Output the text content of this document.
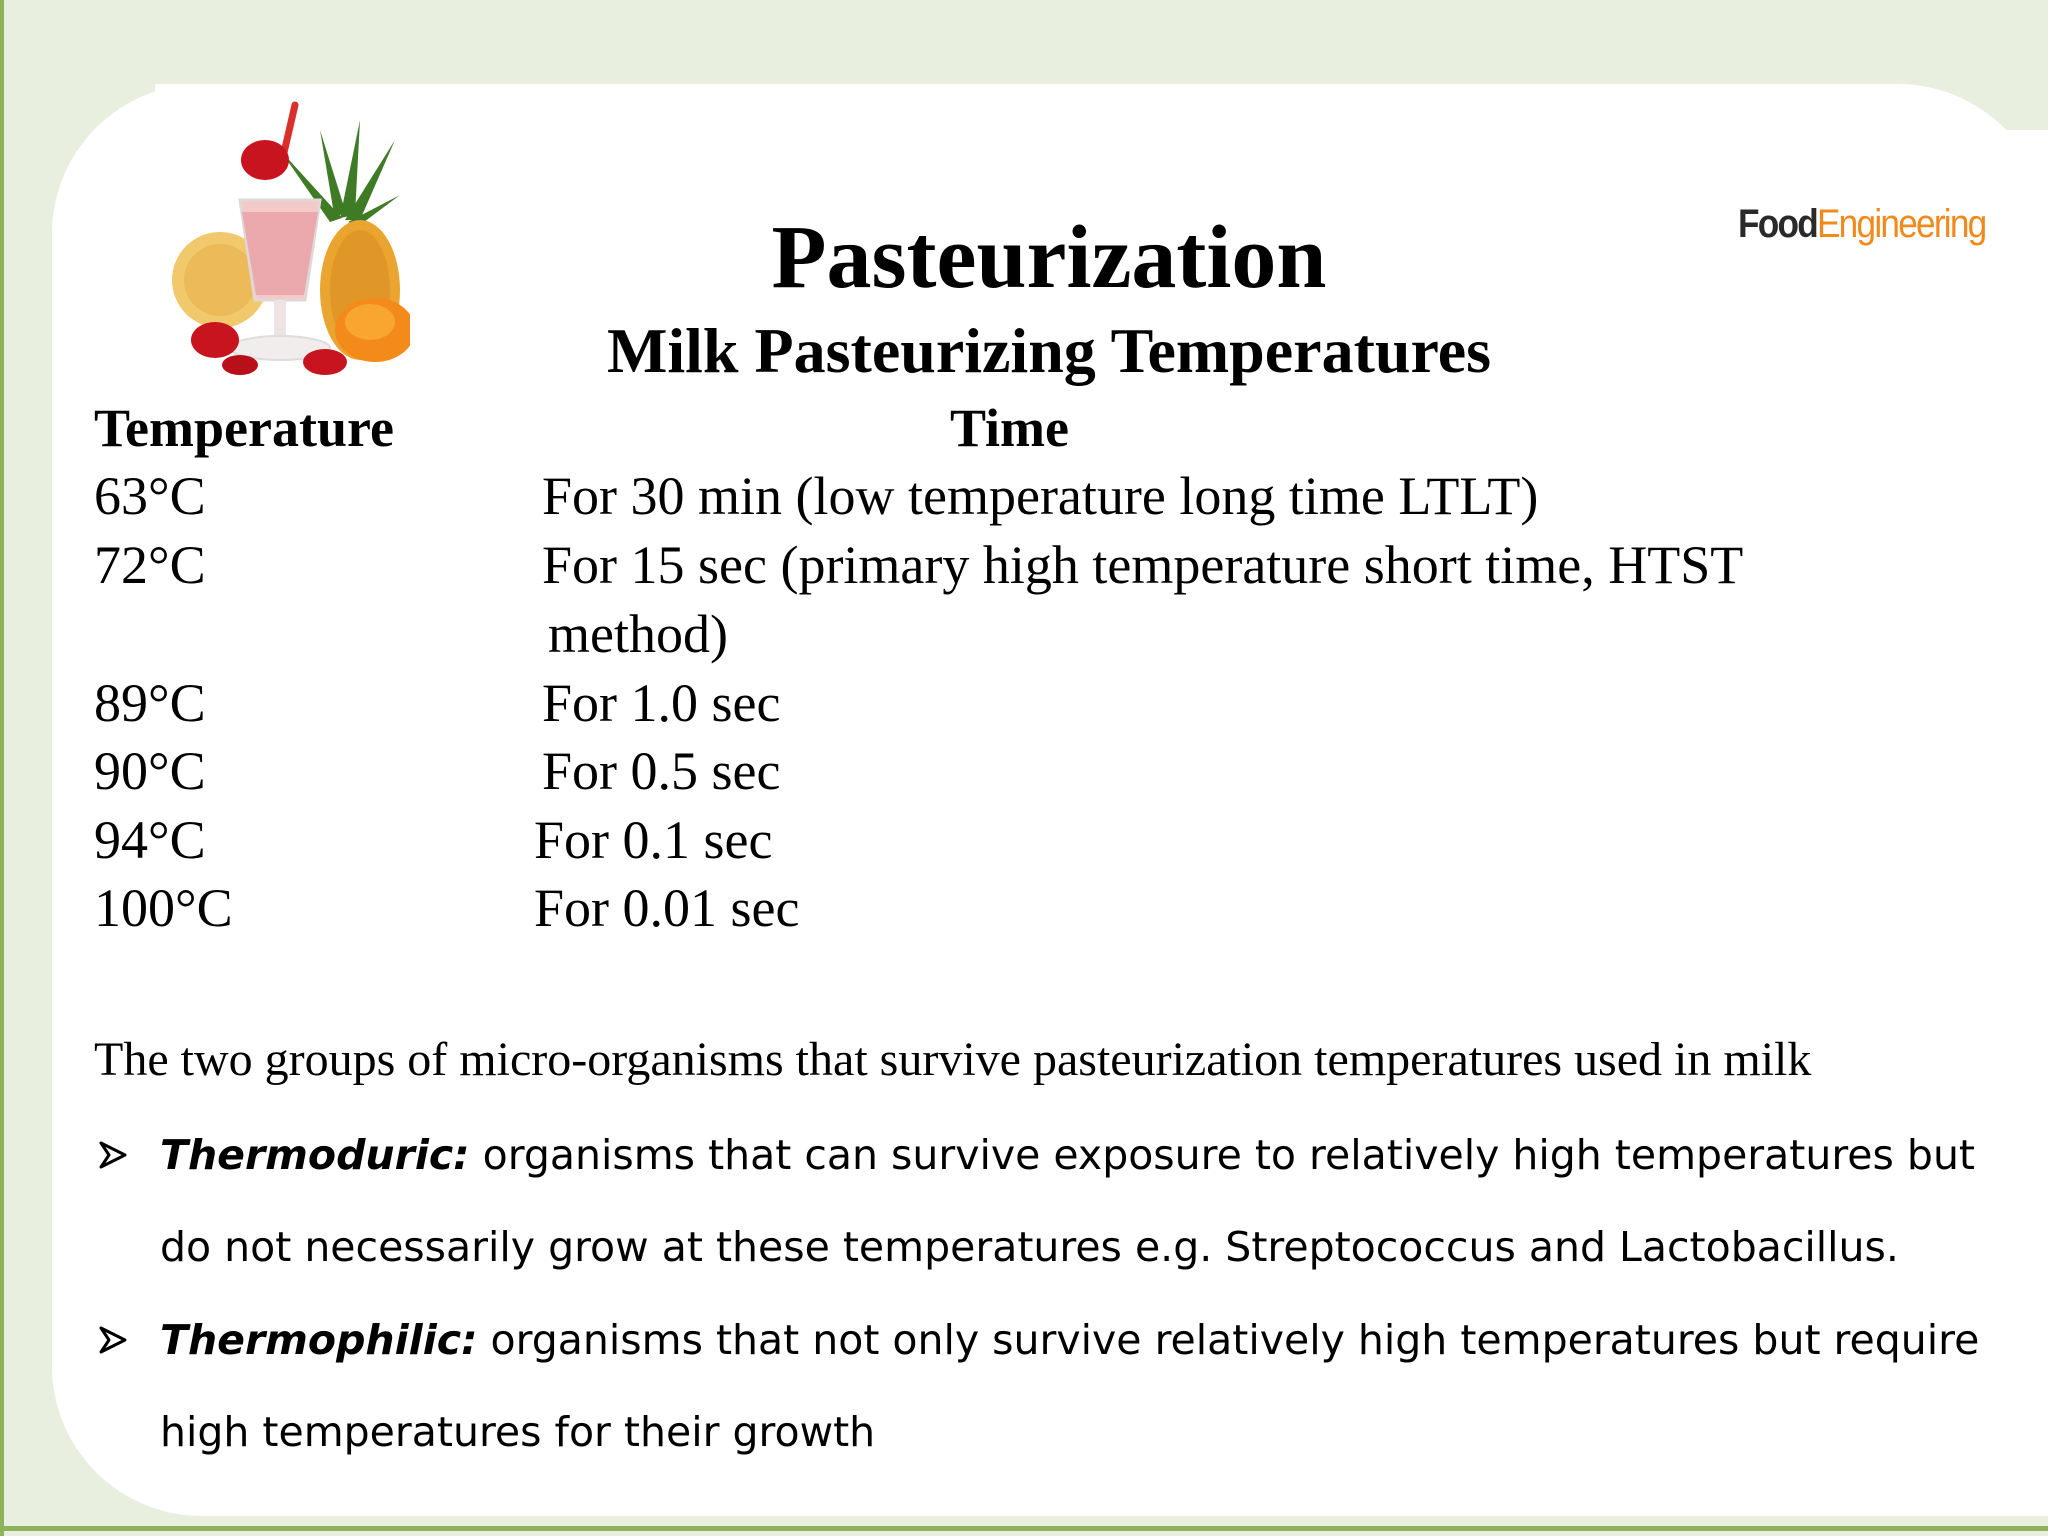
FoodEngineering
Pasteurization
Milk Pasteurizing Temperatures
Temperature	Time
63°C	For 30 min (low temperature long time LTLT)
72°C	For 15 sec (primary high temperature short time, HTST
method)
89°C	For 1.0 sec
90°C	For 0.5 sec
94°C	For 0.1 sec
100°C	For 0.01 sec
The two groups of micro-organisms that survive pasteurization temperatures used in milk
Thermoduric: organisms that can survive exposure to relatively high temperatures but
do not necessarily grow at these temperatures e.g. Streptococcus and Lactobacillus.
Thermophilic: organisms that not only survive relatively high temperatures but require
high temperatures for their growth
